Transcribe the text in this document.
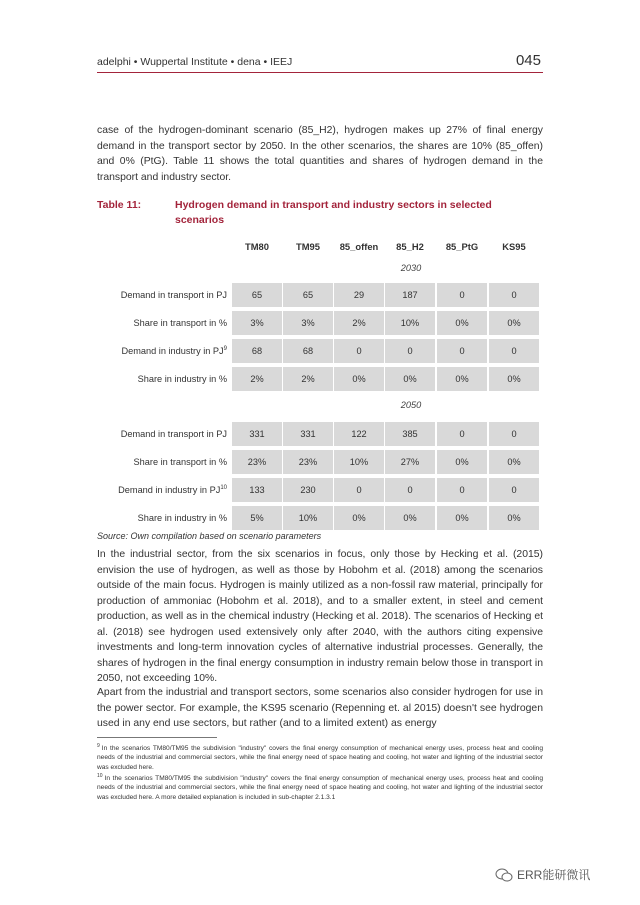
adelphi • Wuppertal Institute • dena • IEEJ	045

case of the hydrogen-dominant scenario (85_H2), hydrogen makes up 27% of final energy demand in the transport sector by 2050. In the other scenarios, the shares are 10% (85_offen) and 0% (PtG). Table 11 shows the total quantities and shares of hydrogen demand in the transport and industry sector.

Table 11:	Hydrogen demand in transport and industry sectors in selected
scenarios
TM80	TM95	85_offen	85_H2	85_PtG	KS95
2030
Demand in transport in PJ	65	65	29	187	0	0
Share in transport in %	3%	3%	2%	10%	0%	0%
Demand in industry in $PJ^9$	68	68	0	0	0	0
Share in industry in %	2%	2%	0%	0%	0%	0%
2050
Demand in transport in PJ	331	331	122	385	0	0
Share in transport in %	23%	23%	10%	27%	0%	0%
Demand in industry in PJ$^{10}$	133	230	0	0	0	0
Share in industry in %	5%	10%	0%	0%	0%	0%
Source: Own compilation based on scenario parameters

In the industrial sector, from the six scenarios in focus, only those by Hecking et al. (2015) envision the use of hydrogen, as well as those by Hobohm et al. (2018) among the scenarios outside of the main focus. Hydrogen is mainly utilized as a non-fossil raw material, principally for production of ammoniac (Hobohm et al. 2018), and to a smaller extent, in steel and cement production, as well as in the chemical industry (Hecking et al. 2018). The scenarios of Hecking et al. (2018) see hydrogen used extensively only after 2040, with the authors citing expensive investments and long-term innovation cycles of alternative industrial processes. Generally, the shares of hydrogen in the final energy consumption in industry remain below those in transport in 2050, not exceeding 10%.

Apart from the industrial and transport sectors, some scenarios also consider hydrogen for use in the power sector. For example, the KS95 scenario (Repenning et. al 2015) doesn't see hydrogen used in any end use sectors, but rather (and to a limited extent) as energy

$^9$ In the scenarios TM80/TM95 the subdivision "industry" covers the final energy consumption of mechanical energy uses, process heat and cooling needs of the industrial and commercial sectors, while the final energy need of space heating and cooling, hot water and lighting of the industrial sector was excluded here.
$^{10}$ In the scenarios TM80/TM95 the subdivision "industry" covers the final energy consumption of mechanical energy uses, process heat and cooling needs of the industrial and commercial sectors, while the final energy need of space heating and cooling, hot water and lighting of the industrial sector was excluded here. A more detailed explanation is included in sub-chapter 2.1.3.1
ERR能研微讯
